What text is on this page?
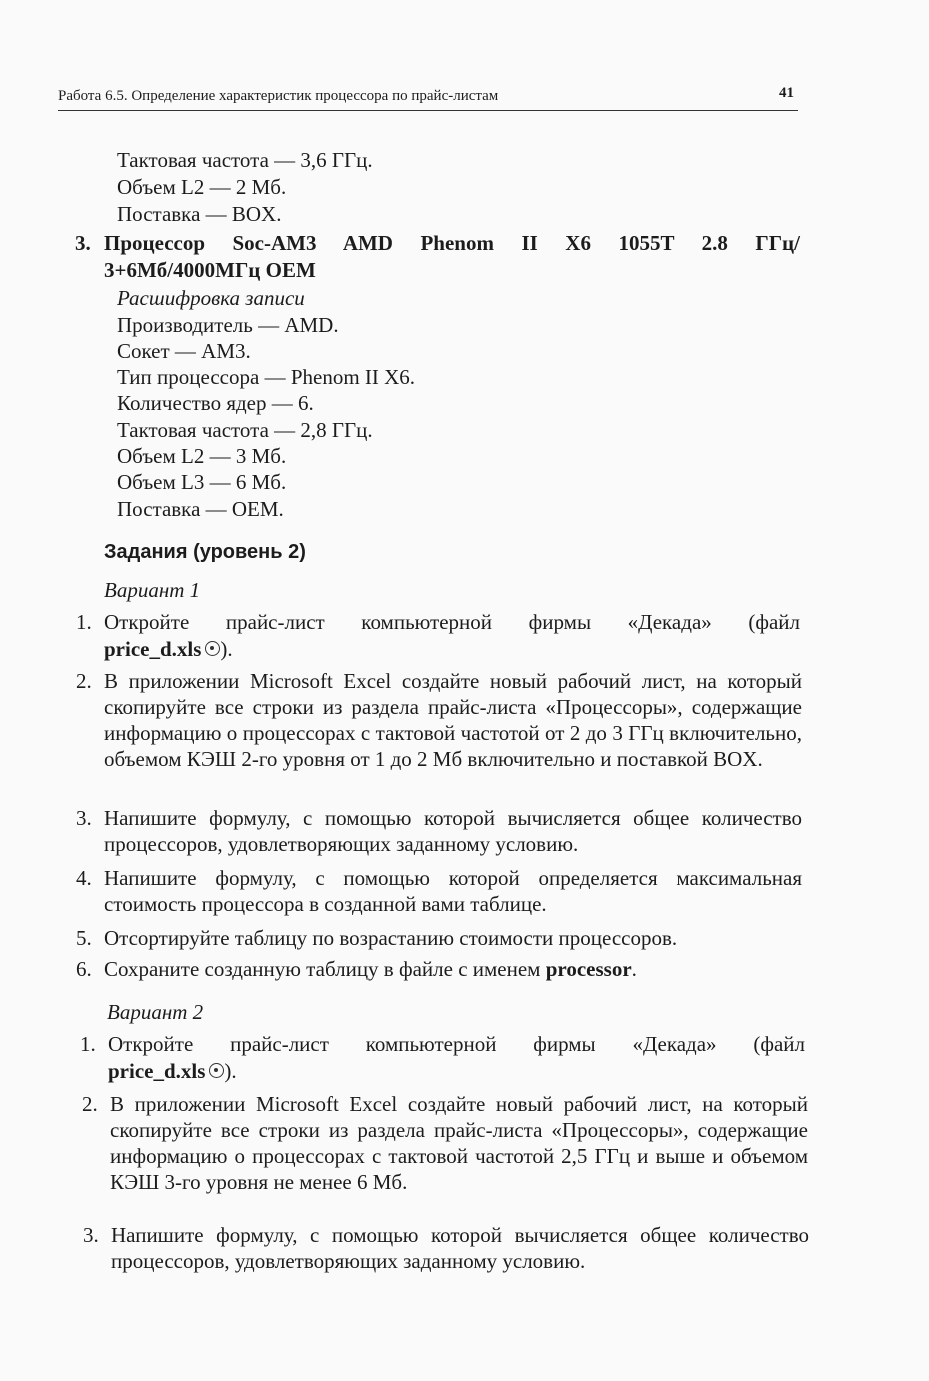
Работа 6.5. Определение характеристик процессора по прайс-листам	41
Тактовая частота — 3,6 ГГц.
Объем L2 — 2 Мб.
Поставка — BOX.
3. Процессор Soc-AM3 AMD Phenom II X6 1055T 2.8 ГГц/
3+6Мб/4000МГц OEM
Расшифровка записи
Производитель — AMD.
Сокет — AM3.
Тип процессора — Phenom II X6.
Количество ядер — 6.
Тактовая частота — 2,8 ГГц.
Объем L2 — 3 Мб.
Объем L3 — 6 Мб.
Поставка — OEM.
Задания (уровень 2)
Вариант 1
1. Откройте прайс-лист компьютерной фирмы «Декада» (файл
price_d.xls ).
2. В приложении Microsoft Excel создайте новый рабочий лист, на который скопируйте все строки из раздела прайс-листа «Процессоры», содержащие информацию о процессорах с тактовой частотой от 2 до 3 ГГц включительно, объемом КЭШ 2-го уровня от 1 до 2 Мб включительно и поставкой BOX.
3. Напишите формулу, с помощью которой вычисляется общее количество процессоров, удовлетворяющих заданному условию.
4. Напишите формулу, с помощью которой определяется максимальная стоимость процессора в созданной вами таблице.
5. Отсортируйте таблицу по возрастанию стоимости процессоров.
6. Сохраните созданную таблицу в файле с именем processor.
Вариант 2
1. Откройте прайс-лист компьютерной фирмы «Декада» (файл
price_d.xls ).
2. В приложении Microsoft Excel создайте новый рабочий лист, на который скопируйте все строки из раздела прайс-листа «Процессоры», содержащие информацию о процессорах с тактовой частотой 2,5 ГГц и выше и объемом КЭШ 3-го уровня не менее 6 Мб.
3. Напишите формулу, с помощью которой вычисляется общее количество процессоров, удовлетворяющих заданному условию.
